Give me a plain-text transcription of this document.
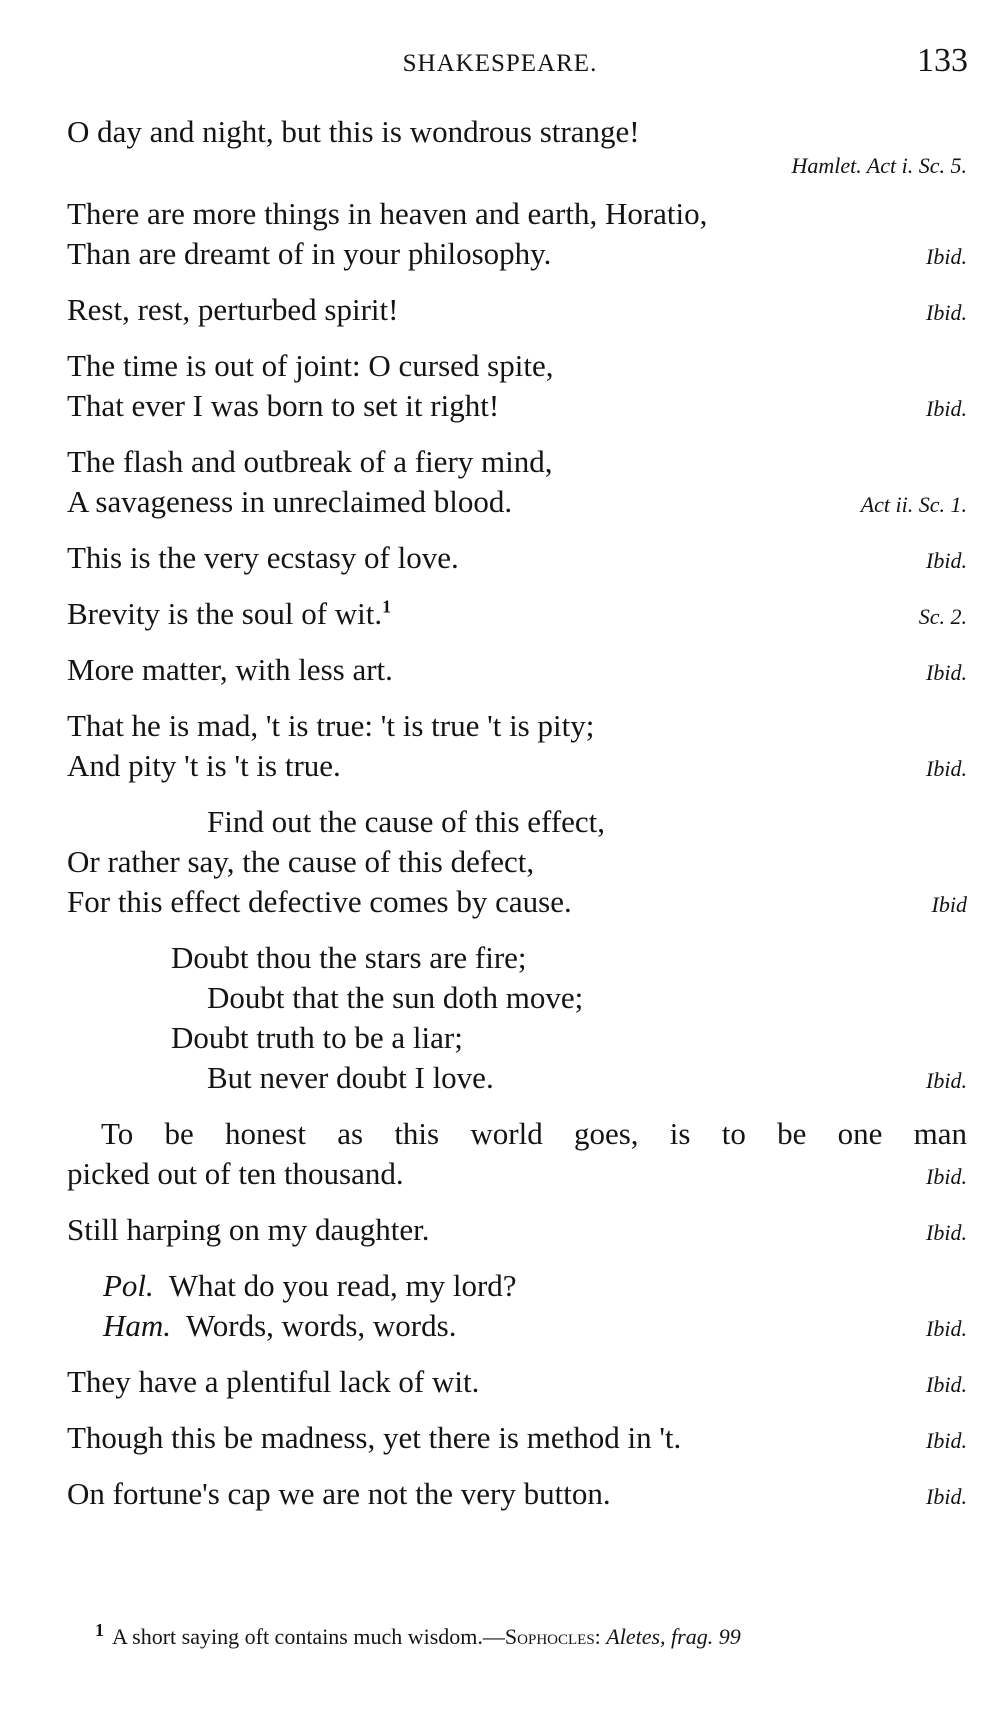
SHAKESPEARE.	133
O day and night, but this is wondrous strange!
Hamlet. Act i. Sc. 5.
There are more things in heaven and earth, Horatio,
Than are dreamt of in your philosophy.	Ibid.
Rest, rest, perturbed spirit!	Ibid.
The time is out of joint: O cursed spite,
That ever I was born to set it right!	Ibid.
The flash and outbreak of a fiery mind,
A savageness in unreclaimed blood.	Act ii. Sc. 1.
This is the very ecstasy of love.	Ibid.
Brevity is the soul of wit.$^1$	Sc. 2.
More matter, with less art.	Ibid.
That he is mad, 't is true: 't is true 't is pity;
And pity 't is 't is true.	Ibid.
Find out the cause of this effect,
Or rather say, the cause of this defect,
For this effect defective comes by cause.	Ibid
Doubt thou the stars are fire;
Doubt that the sun doth move;
Doubt truth to be a liar;
But never doubt I love.	Ibid.
To be honest as this world goes, is to be one man
picked out of ten thousand.	Ibid.
Still harping on my daughter.	Ibid.
Pol. What do you read, my lord?
Ham. Words, words, words.	Ibid.
They have a plentiful lack of wit.	Ibid.
Though this be madness, yet there is method in 't.	Ibid.
On fortune's cap we are not the very button.	Ibid.
$^1$ A short saying oft contains much wisdom.—Sophocles: Aletes, frag. 99
